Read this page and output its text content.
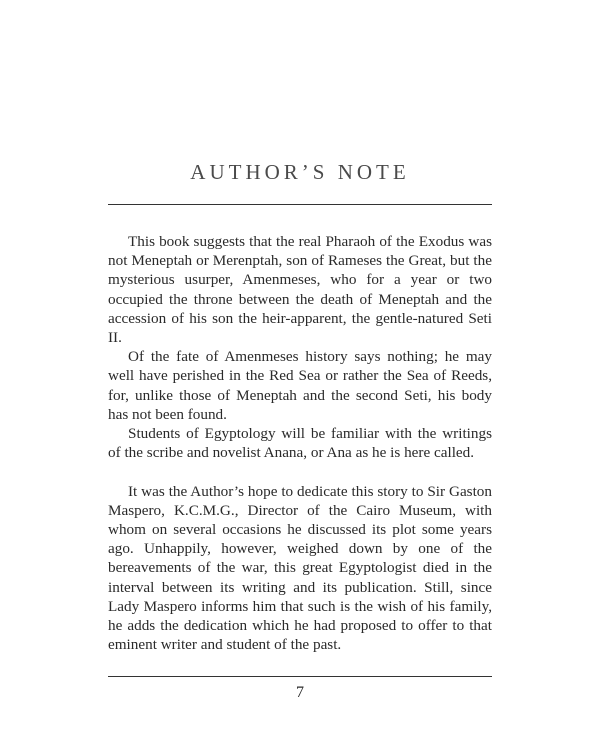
AUTHOR’S NOTE

This book suggests that the real Pharaoh of the Exodus was not Meneptah or Merenptah, son of Rameses the Great, but the mysterious usurper, Amenmeses, who for a year or two occupied the throne between the death of Meneptah and the accession of his son the heir-apparent, the gentle-natured Seti II.

Of the fate of Amenmeses history says nothing; he may well have perished in the Red Sea or rather the Sea of Reeds, for, unlike those of Meneptah and the second Seti, his body has not been found.

Students of Egyptology will be familiar with the writings of the scribe and novelist Anana, or Ana as he is here called.

It was the Author’s hope to dedicate this story to Sir Gaston Maspero, K.C.M.G., Director of the Cairo Museum, with whom on several occasions he discussed its plot some years ago. Unhappily, however, weighed down by one of the bereavements of the war, this great Egyptologist died in the interval between its writing and its publication. Still, since Lady Maspero informs him that such is the wish of his family, he adds the dedication which he had proposed to offer to that eminent writer and student of the past.

7
